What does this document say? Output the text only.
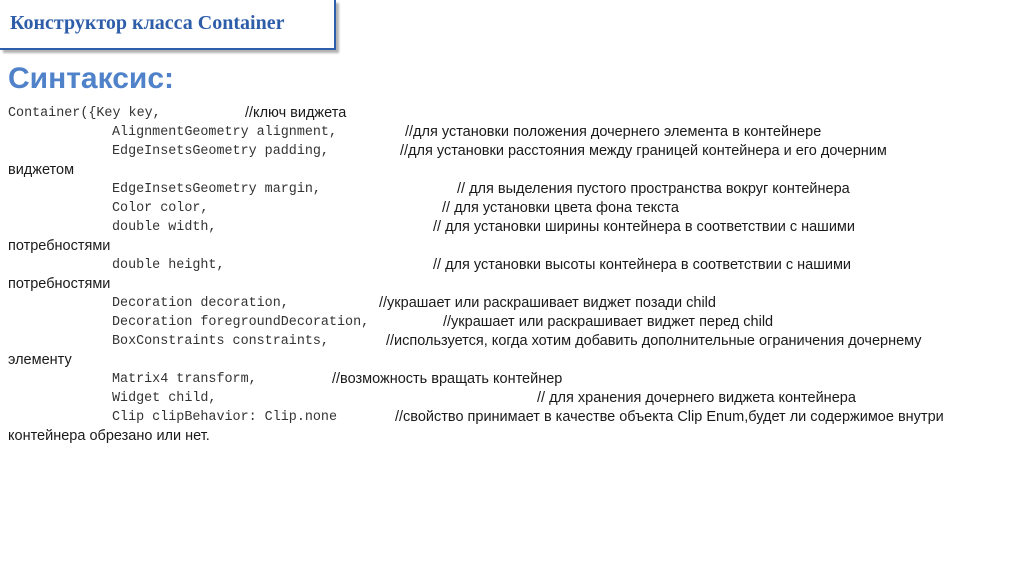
Конструктор класса Container
Синтаксис:
Container({Key key,	//ключ виджета
AlignmentGeometry alignment,	//для установки положения дочернего элемента в контейнере
EdgeInsetsGeometry padding,	//для установки расстояния между границей контейнера и его дочерним
виджетом
EdgeInsetsGeometry margin,	// для выделения пустого пространства вокруг контейнера
Color color,	// для установки цвета фона текста
double width,	// для установки ширины контейнера в соответствии с нашими
потребностями
double height,	// для установки высоты контейнера в соответствии с нашими
потребностями
Decoration decoration,	//украшает или раскрашивает виджет позади child
Decoration foregroundDecoration,	//украшает или раскрашивает виджет перед child
BoxConstraints constraints,	//используется, когда хотим добавить дополнительные ограничения дочернему
элементу
Matrix4 transform,	//возможность вращать контейнер
Widget child,	// для хранения дочернего виджета контейнера
Clip clipBehavior: Clip.none	//свойство принимает в качестве объекта Clip Enum,будет ли содержимое внутри
контейнера обрезано или нет.
